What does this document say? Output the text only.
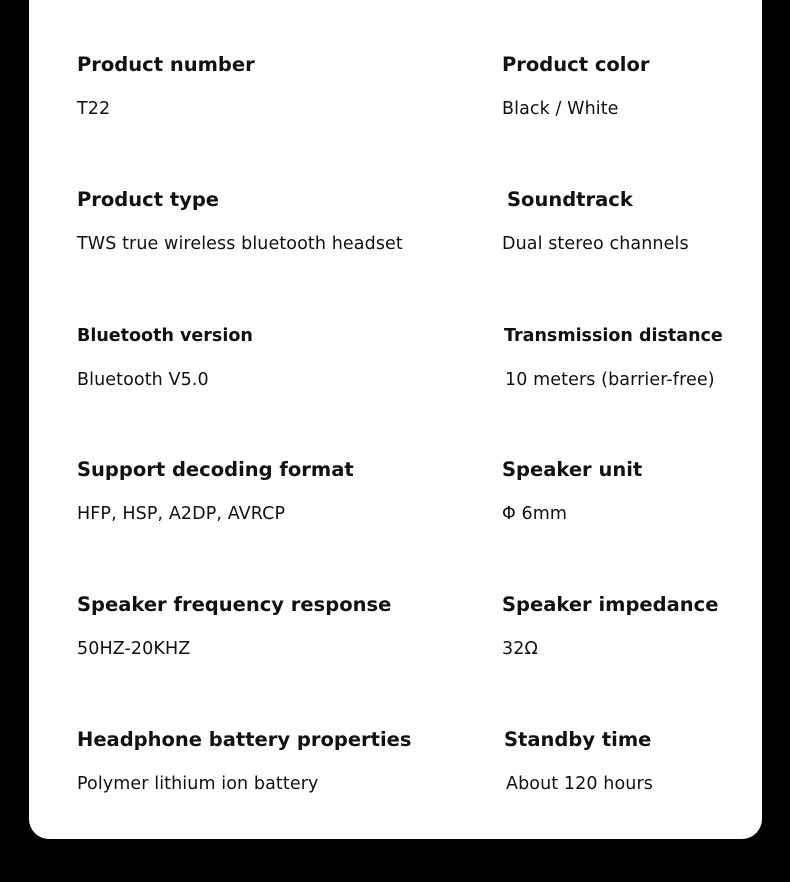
Product number
T22
Product color
Black / White
Product type
TWS true wireless bluetooth headset
Soundtrack
Dual stereo channels
Bluetooth version
Bluetooth V5.0
Transmission distance
10 meters (barrier-free)
Support decoding format
HFP, HSP, A2DP, AVRCP
Speaker unit
Φ 6mm
Speaker frequency response
50HZ-20KHZ
Speaker impedance
32Ω
Headphone battery properties
Polymer lithium ion battery
Standby time
About 120 hours
